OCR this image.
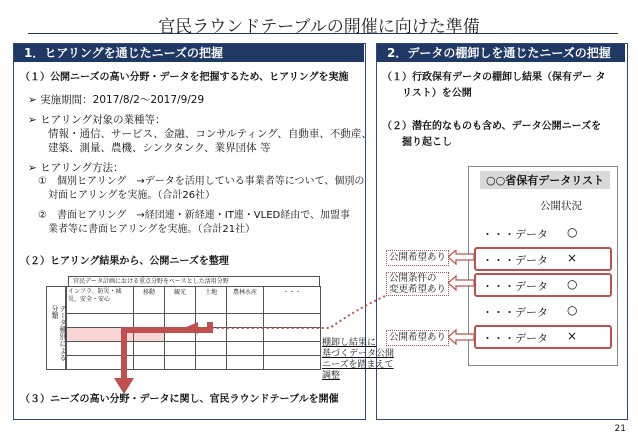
官民ラウンドテーブルの開催に向けた準備
1．ヒアリングを通じたニーズの把握
（１）公開ニーズの高い分野・データを把握するため、ヒアリングを実施
➢ 実施期間：2017/8/2～2017/9/29
➢ ヒアリング対象の業種等：
情報・通信、サービス、金融、コンサルティング、自動車、不動産、
建築、測量、農機、シンクタンク、業界団体 等
➢ ヒアリング方法：
①　個別ヒアリング　→データを活用している事業者等について、個別の
対面ヒアリングを実施。（合計26社）
②　書面ヒアリング　→経団連・新経連・IT連・VLED経由で、加盟事
業者等に書面ヒアリングを実施。（合計21社）
（２）ヒアリング結果から、公開ニーズを整理
官民データ計画における重点分野をベースとした活用分野
データ種別による分類
インフラ、防災・減災、安全・安心	移動	観光	土地	農林水産	・・・

（３）ニーズの高い分野・データに関し、官民ラウンドテーブルを開催
2．データの棚卸しを通じたニーズの把握
（１）行政保有データの棚卸し結果（保有デー タ
リスト）を公開
（２）潜在的なものも含め、データ公開ニーズを
掘り起こし
○○省保有データリスト
公開状況
・・・データ ○
・・・データ ×
・・・データ ○
・・・データ ○
・・・データ ×
公開希望あり
公開条件の
変更希望あり
公開希望あり
棚卸し結果に
基づくデータ公開
ニーズを踏まえて
調整
21
